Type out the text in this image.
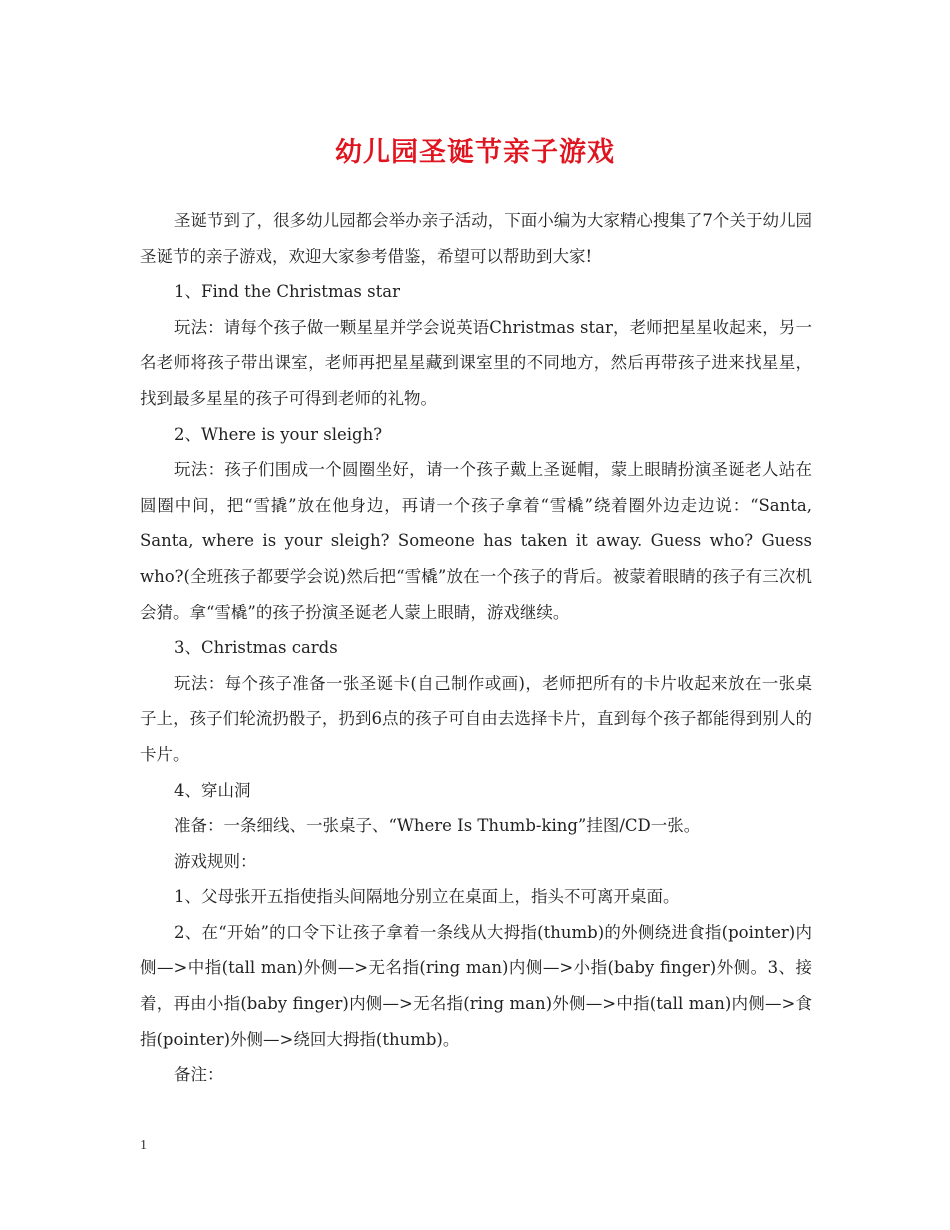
幼儿园圣诞节亲子游戏

圣诞节到了，很多幼儿园都会举办亲子活动，下面小编为大家精心搜集了7个关于幼儿园圣诞节的亲子游戏，欢迎大家参考借鉴，希望可以帮助到大家!

1、Find the Christmas star

玩法：请每个孩子做一颗星星并学会说英语Christmas star，老师把星星收起来，另一名老师将孩子带出课室，老师再把星星藏到课室里的不同地方，然后再带孩子进来找星星，找到最多星星的孩子可得到老师的礼物。

2、Where is your sleigh?

玩法：孩子们围成一个圆圈坐好，请一个孩子戴上圣诞帽，蒙上眼睛扮演圣诞老人站在圆圈中间，把“雪撬”放在他身边，再请一个孩子拿着“雪橇”绕着圈外边走边说：“Santa, Santa, where is your sleigh? Someone has taken it away. Guess who? Guess who?(全班孩子都要学会说)然后把“雪橇”放在一个孩子的背后。被蒙着眼睛的孩子有三次机会猜。拿“雪橇”的孩子扮演圣诞老人蒙上眼睛，游戏继续。

3、Christmas cards

玩法：每个孩子准备一张圣诞卡(自己制作或画)，老师把所有的卡片收起来放在一张桌子上，孩子们轮流扔骰子，扔到6点的孩子可自由去选择卡片，直到每个孩子都能得到别人的卡片。

4、穿山洞

准备：一条细线、一张桌子、“Where Is Thumb-king”挂图/CD一张。

游戏规则：

1、父母张开五指使指头间隔地分别立在桌面上，指头不可离开桌面。

2、在“开始”的口令下让孩子拿着一条线从大拇指(thumb)的外侧绕进食指(pointer)内侧—>中指(tall man)外侧—>无名指(ring man)内侧—>小指(baby finger)外侧。3、接着，再由小指(baby finger)内侧—>无名指(ring man)外侧—>中指(tall man)内侧—>食指(pointer)外侧—>绕回大拇指(thumb)。

备注：

1
